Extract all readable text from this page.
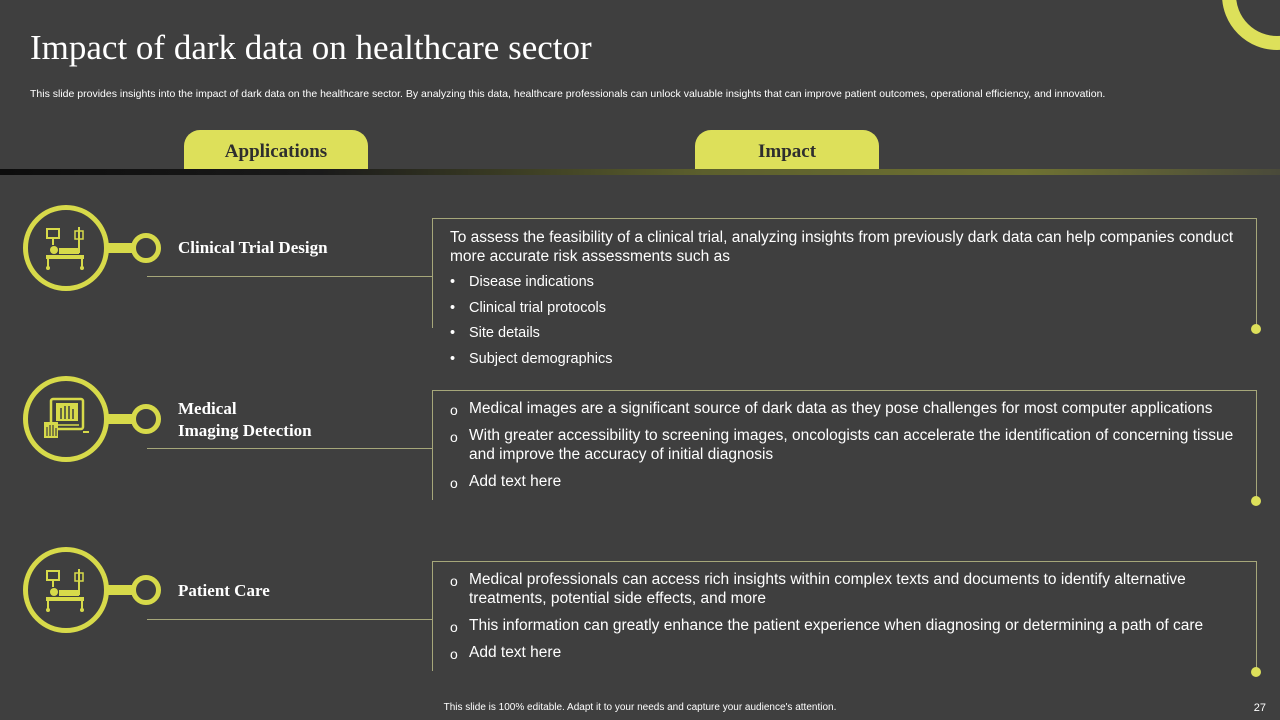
Impact of dark data on healthcare sector
This slide provides insights into the impact of dark data on the healthcare sector. By analyzing this data, healthcare professionals can unlock valuable insights that can improve patient outcomes, operational efficiency, and innovation.
Applications	Impact
Clinical Trial Design
To assess the feasibility of a clinical trial, analyzing insights from previously dark data can help companies conduct more accurate risk assessments such as
• Disease indications
• Clinical trial protocols
• Site details
• Subject demographics
Medical
Imaging Detection
o Medical images are a significant source of dark data as they pose challenges for most computer applications
o With greater accessibility to screening images, oncologists can accelerate the identification of concerning tissue and improve the accuracy of initial diagnosis
o Add text here
Patient Care
o Medical professionals can access rich insights within complex texts and documents to identify alternative treatments, potential side effects, and more
o This information can greatly enhance the patient experience when diagnosing or determining a path of care
o Add text here
This slide is 100% editable. Adapt it to your needs and capture your audience's attention.	27
